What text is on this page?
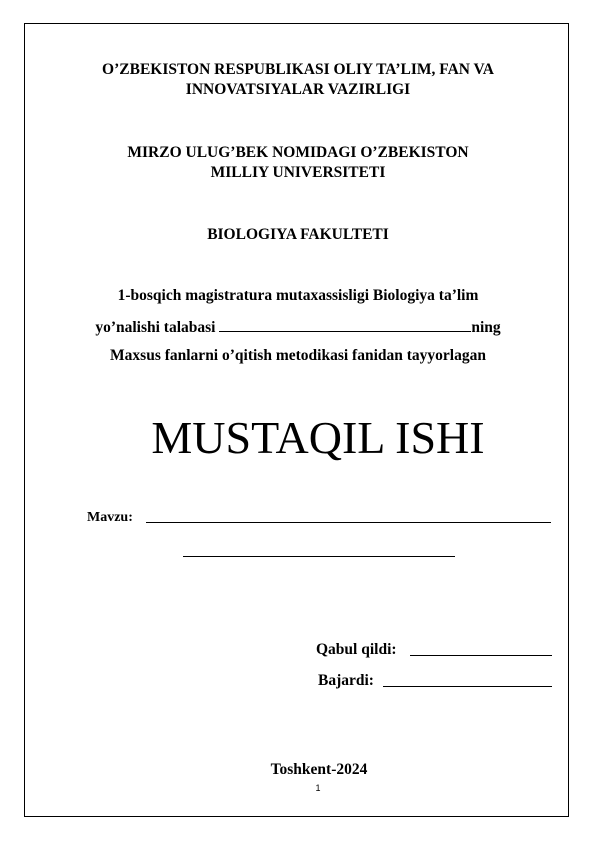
O’ZBEKISTON RESPUBLIKASI OLIY TA’LIM, FAN VA
INNOVATSIYALAR VAZIRLIGI
MIRZO ULUG’BEK NOMIDAGI O’ZBEKISTON
MILLIY UNIVERSITETI
BIOLOGIYA FAKULTETI
1-bosqich magistratura mutaxassisligi Biologiya ta’lim
yo’nalishi talabasi	ning
Maxsus fanlarni o’qitish metodikasi fanidan tayyorlagan
MUSTAQIL ISHI
Mavzu:
Qabul qildi:
Bajardi:
Toshkent-2024
1
